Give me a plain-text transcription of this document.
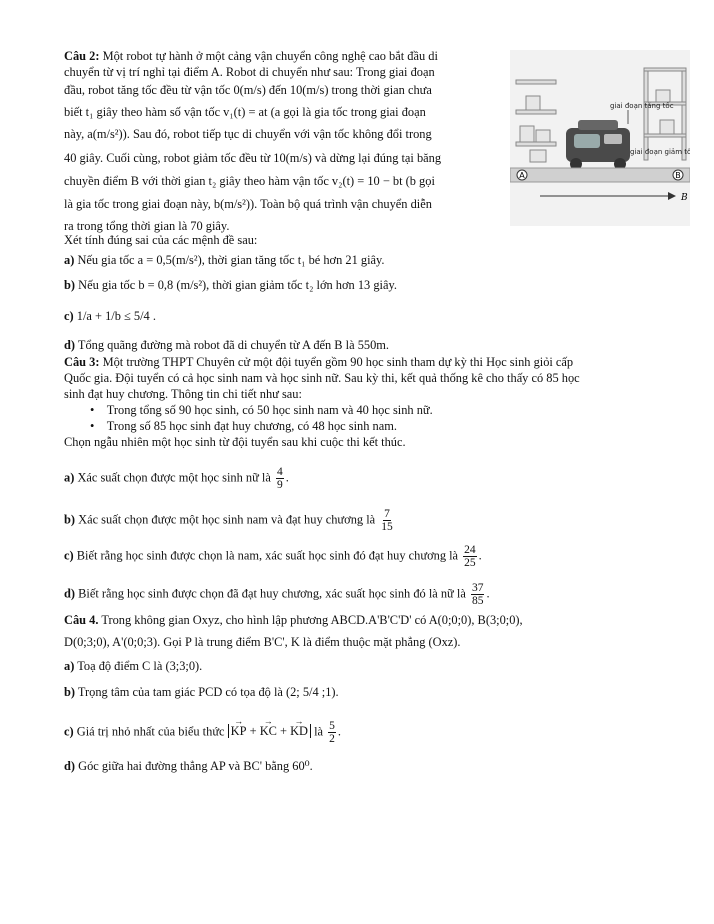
Câu 2: Một robot tự hành ở một cảng vận chuyển công nghệ cao bắt đầu di
chuyển từ vị trí nghỉ tại điểm A. Robot di chuyển như sau: Trong giai đoạn
đầu, robot tăng tốc đều từ vận tốc 0(m/s) đến 10(m/s) trong thời gian chưa
biết t₁ giây theo hàm số vận tốc v₁(t) = at (a gọi là gia tốc trong giai đoạn
này, a(m/s²)). Sau đó, robot tiếp tục di chuyển với vận tốc không đổi trong
40 giây. Cuối cùng, robot giảm tốc đều từ 10(m/s) và dừng lại đúng tại băng
chuyền điểm B với thời gian t₂ giây theo hàm vận tốc v₂(t) = 10 − bt (b gọi
là gia tốc trong giai đoạn này, b(m/s²)). Toàn bộ quá trình vận chuyển diễn
ra trong tổng thời gian là 70 giây.
Xét tính đúng sai của các mệnh đề sau:
a) Nếu gia tốc a = 0,5(m/s²), thời gian tăng tốc t₁ bé hơn 21 giây.
b) Nếu gia tốc b = 0,8 (m/s²), thời gian giảm tốc t₂ lớn hơn 13 giây.
c) 1/a + 1/b ≤ 5/4 .
d) Tổng quãng đường mà robot đã di chuyển từ A đến B là 550m.
Câu 3: Một trường THPT Chuyên cử một đội tuyển gồm 90 học sinh tham dự kỳ thi Học sinh giỏi cấp
Quốc gia. Đội tuyển có cả học sinh nam và học sinh nữ. Sau kỳ thi, kết quả thống kê cho thấy có 85 học
sinh đạt huy chương. Thông tin chi tiết như sau:
•    Trong tổng số 90 học sinh, có 50 học sinh nam và 40 học sinh nữ.
•    Trong số 85 học sinh đạt huy chương, có 48 học sinh nam.
Chọn ngẫu nhiên một học sinh từ đội tuyển sau khi cuộc thi kết thúc.
a) Xác suất chọn được một học sinh nữ là $\frac{4}{9}$ .
b) Xác suất chọn được một học sinh nam và đạt huy chương là $\frac{7}{15}$
c) Biết rằng học sinh được chọn là nam, xác suất học sinh đó đạt huy chương là $\frac{24}{25}$ .
d) Biết rằng học sinh được chọn đã đạt huy chương, xác suất học sinh đó là nữ là $\frac{37}{85}$ .
Câu 4. Trong không gian Oxyz, cho hình lập phương ABCD.A'B'C'D' có A(0;0;0), B(3;0;0),
D(0;3;0), A'(0;0;3). Gọi P là trung điểm B'C', K là điểm thuộc mặt phẳng (Oxz).
a) Toạ độ điểm C là (3;3;0).
b) Trọng tâm của tam giác PCD có tọa độ là (2; 5/4 ;1).
c) Giá trị nhỏ nhất của biểu thức → KP + → KC + → KD là $\frac{5}{2}$ .
d) Góc giữa hai đường thẳng AP và BC' bằng 60⁰.
A	B
B
giai đoạn tăng tốc
giai đoạn giảm tốc
